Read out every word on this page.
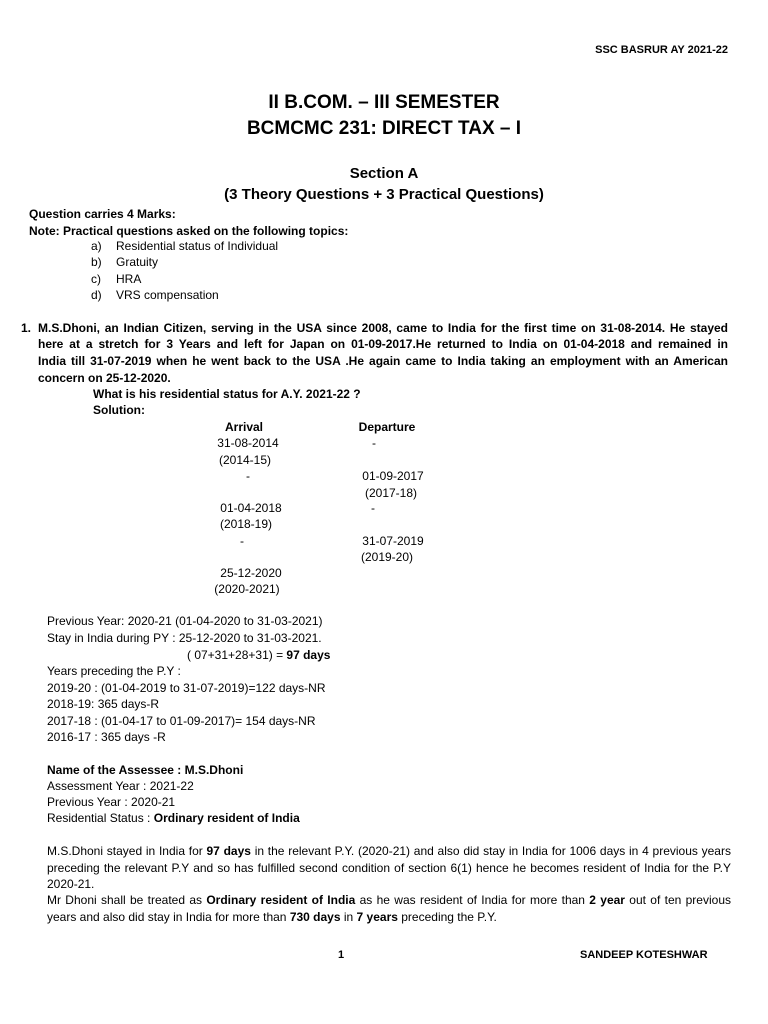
SSC BASRUR AY 2021-22
II B.COM. – III SEMESTER
BCMCMC 231: DIRECT TAX – I
Section A
(3 Theory Questions + 3 Practical Questions)
Question carries 4 Marks:
Note: Practical questions asked on the following topics:
a) Residential status of Individual
b) Gratuity
c) HRA
d) VRS compensation
1. M.S.Dhoni, an Indian Citizen, serving in the USA since 2008, came to India for the first time on 31-08-2014. He stayed
here at a stretch for 3 Years and left for Japan on 01-09-2017.He returned to India on 01-04-2018 and remained in
India till 31-07-2019 when he went back to the USA .He again came to India taking an employment with an American
concern on 25-12-2020.
What is his residential status for A.Y. 2021-22 ?
Solution:
Arrival	Departure
31-08-2014	-
(2014-15)
-	01-09-2017
(2017-18)
01-04-2018	-
(2018-19)
-	31-07-2019
(2019-20)
25-12-2020
(2020-2021)
Previous Year: 2020-21 (01-04-2020 to 31-03-2021)
Stay in India during PY : 25-12-2020 to 31-03-2021.
( 07+31+28+31) = 97 days
Years preceding the P.Y :
2019-20 : (01-04-2019 to 31-07-2019)=122 days-NR
2018-19: 365 days-R
2017-18 : (01-04-17 to 01-09-2017)= 154 days-NR
2016-17 : 365 days -R
Name of the Assessee : M.S.Dhoni
Assessment Year : 2021-22
Previous Year : 2020-21
Residential Status : Ordinary resident of India
M.S.Dhoni stayed in India for 97 days in the relevant P.Y. (2020-21) and also did stay in India for 1006 days in 4 previous years preceding the relevant P.Y and so has fulfilled second condition of section 6(1) hence he becomes resident of India for the P.Y 2020-21.
Mr Dhoni shall be treated as Ordinary resident of India as he was resident of India for more than 2 year out of ten previous years and also did stay in India for more than 730 days in 7 years preceding the P.Y.
1	SANDEEP KOTESHWAR
